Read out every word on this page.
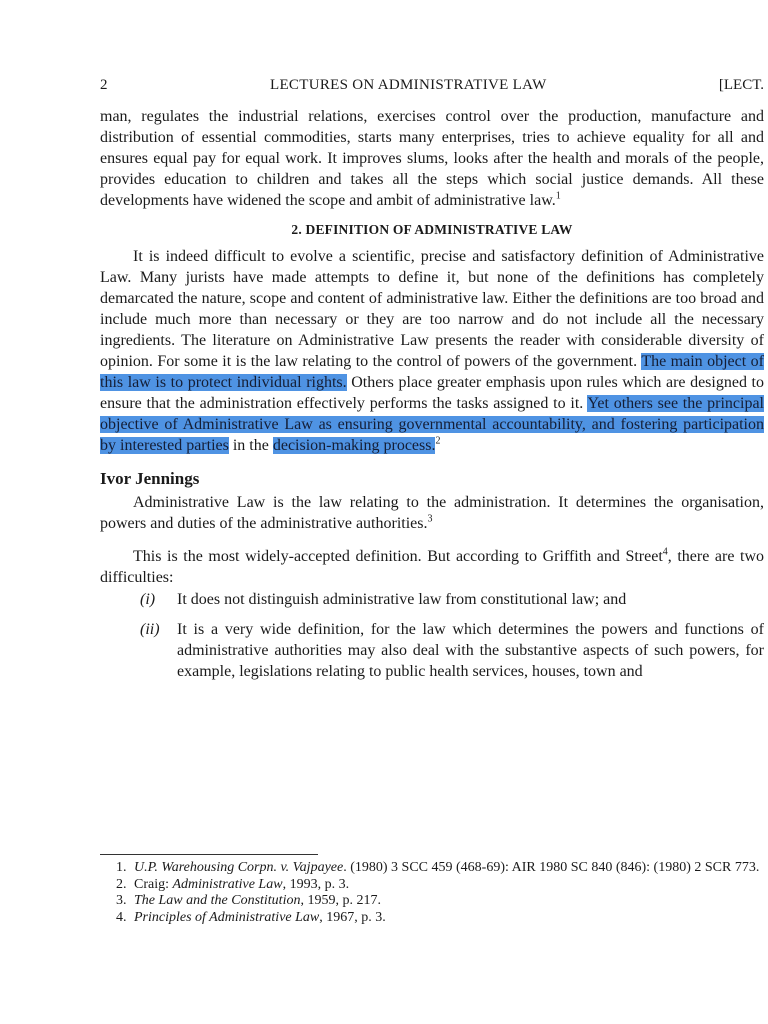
2	LECTURES ON ADMINISTRATIVE LAW	[LECT.

man, regulates the industrial relations, exercises control over the production, manufacture and distribution of essential commodities, starts many enterprises, tries to achieve equality for all and ensures equal pay for equal work. It improves slums, looks after the health and morals of the people, provides education to children and takes all the steps which social justice demands. All these developments have widened the scope and ambit of administrative law.$^1$

2. DEFINITION OF ADMINISTRATIVE LAW

It is indeed difficult to evolve a scientific, precise and satisfactory definition of Administrative Law. Many jurists have made attempts to define it, but none of the definitions has completely demarcated the nature, scope and content of administrative law. Either the definitions are too broad and include much more than necessary or they are too narrow and do not include all the necessary ingredients. The literature on Administrative Law presents the reader with considerable diversity of opinion. For some it is the law relating to the control of powers of the government. The main object of this law is to protect individual rights. Others place greater emphasis upon rules which are designed to ensure that the administration effectively performs the tasks assigned to it. Yet others see the principal objective of Administrative Law as ensuring governmental accountability, and fostering participation by interested parties in the decision-making process.$^2$

Ivor Jennings

Administrative Law is the law relating to the administration. It determines the organisation, powers and duties of the administrative authorities.$^3$

This is the most widely-accepted definition. But according to Griffith and Street$^4$, there are two difficulties:

(i) It does not distinguish administrative law from constitutional law; and

(ii) It is a very wide definition, for the law which determines the powers and functions of administrative authorities may also deal with the substantive aspects of such powers, for example, legislations relating to public health services, houses, town and

1. U.P. Warehousing Corpn. v. Vajpayee. (1980) 3 SCC 459 (468-69): AIR 1980 SC 840 (846): (1980) 2 SCR 773.

2. Craig: Administrative Law, 1993, p. 3.

3. The Law and the Constitution, 1959, p. 217.

4. Principles of Administrative Law, 1967, p. 3.
